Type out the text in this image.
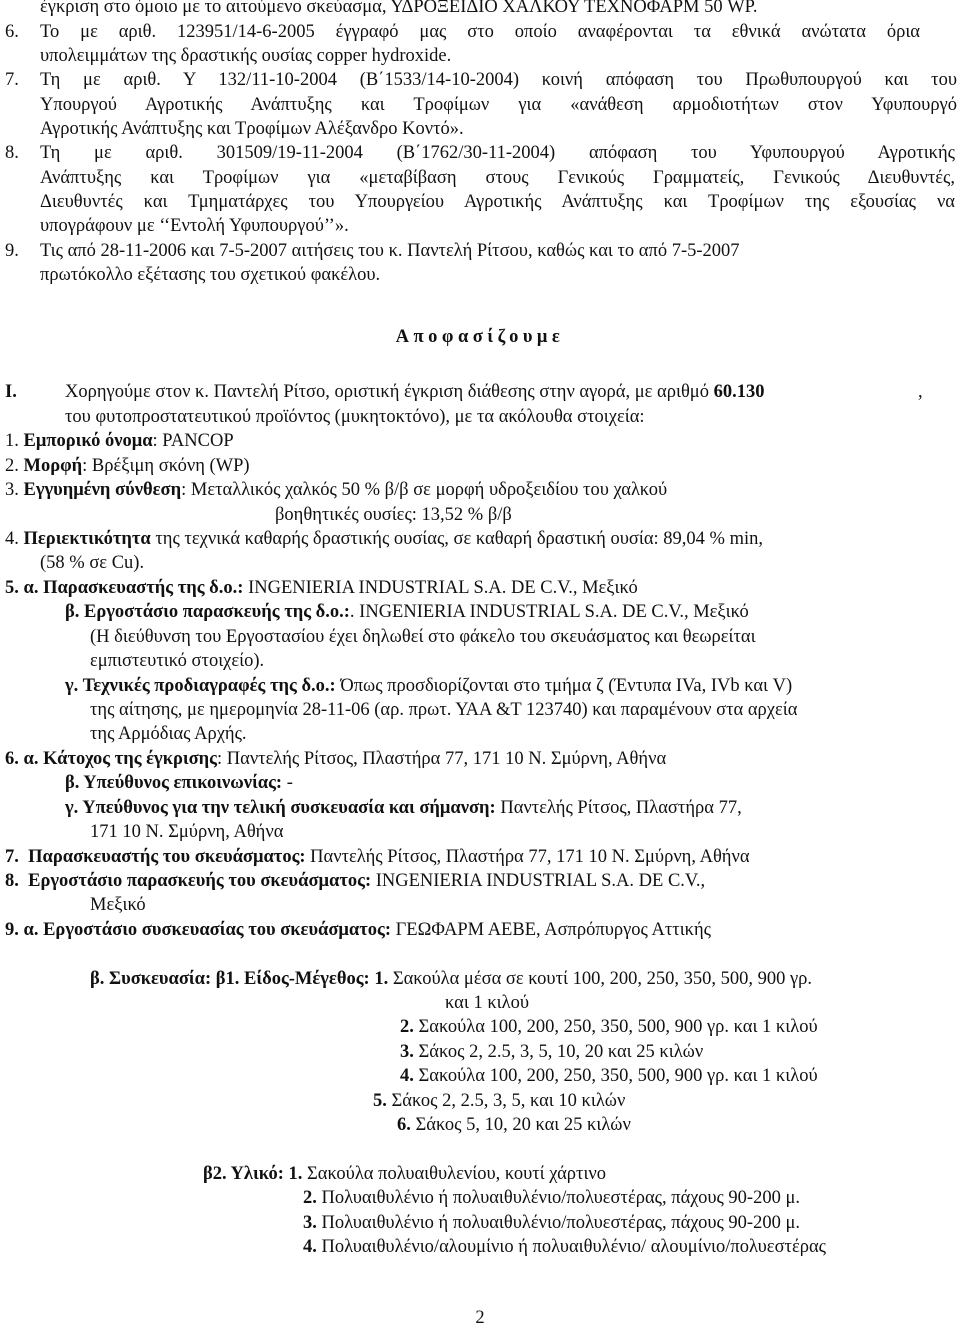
έγκριση στο όμοιο με το αιτούμενο σκεύασμα, ΥΔΡΟΞΕΙΔΙΟ ΧΑΛΚΟΥ ΤΕΧΝΟΦΑΡΜ 50 WP.
6. Το με αριθ. 123951/14-6-2005 έγγραφό μας στο οποίο αναφέρονται τα εθνικά ανώτατα όρια
υπολειμμάτων της δραστικής ουσίας copper hydroxide.
7. Τη με αριθ. Υ 132/11-10-2004 (Β΄1533/14-10-2004) κοινή απόφαση του Πρωθυπουργού και του
Υπουργού Αγροτικής Ανάπτυξης και Τροφίμων για «ανάθεση αρμοδιοτήτων στον Υφυπουργό
Αγροτικής Ανάπτυξης και Τροφίμων Αλέξανδρο Κοντό».
8. Τη με αριθ. 301509/19-11-2004 (Β΄1762/30-11-2004) απόφαση του Υφυπουργού Αγροτικής
Ανάπτυξης και Τροφίμων για «μεταβίβαση στους Γενικούς Γραμματείς, Γενικούς Διευθυντές,
Διευθυντές και Τμηματάρχες του Υπουργείου Αγροτικής Ανάπτυξης και Τροφίμων της εξουσίας να
υπογράφουν με ‘‘Εντολή Υφυπουργού’’».
9. Τις από 28-11-2006 και 7-5-2007 αιτήσεις του κ. Παντελή Ρίτσου, καθώς και το από 7-5-2007
πρωτόκολλο εξέτασης του σχετικού φακέλου.
Αποφασίζουμε
Ι.	Χορηγούμε στον κ. Παντελή Ρίτσο, οριστική έγκριση διάθεσης στην αγορά, με αριθμό 60.130	,
του φυτοπροστατευτικού προϊόντος (μυκητοκτόνο), με τα ακόλουθα στοιχεία:
1. Εμπορικό όνομα: PANCOP
2. Μορφή: Βρέξιμη σκόνη (WP)
3. Εγγυημένη σύνθεση: Μεταλλικός χαλκός 50 % β/β σε μορφή υδροξειδίου του χαλκού
βοηθητικές ουσίες: 13,52 % β/β
4. Περιεκτικότητα της τεχνικά καθαρής δραστικής ουσίας, σε καθαρή δραστική ουσία: 89,04 % min,
(58 % σε Cu).
5. α. Παρασκευαστής της δ.ο.: INGENIERIA INDUSTRIAL S.A. DE C.V., Μεξικό
β. Εργοστάσιο παρασκευής της δ.ο.:. INGENIERIA INDUSTRIAL S.A. DE C.V., Μεξικό
(Η διεύθυνση του Εργοστασίου έχει δηλωθεί στο φάκελο του σκευάσματος και θεωρείται
εμπιστευτικό στοιχείο).
γ. Τεχνικές προδιαγραφές της δ.ο.: Όπως προσδιορίζονται στο τμήμα ζ (Έντυπα IVa, IVb και V)
της αίτησης, με ημερομηνία 28-11-06 (αρ. πρωτ. ΥΑΑ &Τ 123740) και παραμένουν στα αρχεία
της Αρμόδιας Αρχής.
6. α. Κάτοχος της έγκρισης: Παντελής Ρίτσος, Πλαστήρα 77, 171 10 Ν. Σμύρνη, Αθήνα
β. Υπεύθυνος επικοινωνίας: -
γ. Υπεύθυνος για την τελική συσκευασία και σήμανση: Παντελής Ρίτσος, Πλαστήρα 77,
171 10 Ν. Σμύρνη, Αθήνα
7. Παρασκευαστής του σκευάσματος: Παντελής Ρίτσος, Πλαστήρα 77, 171 10 Ν. Σμύρνη, Αθήνα
8. Εργοστάσιο παρασκευής του σκευάσματος: INGENIERIA INDUSTRIAL S.A. DE C.V.,
Μεξικό
9. α. Εργοστάσιο συσκευασίας του σκευάσματος: ΓΕΩΦΑΡΜ ΑΕΒΕ, Ασπρόπυργος Αττικής
β. Συσκευασία: β1. Είδος-Μέγεθος: 1. Σακούλα μέσα σε κουτί 100, 200, 250, 350, 500, 900 γρ.
και 1 κιλού
2. Σακούλα 100, 200, 250, 350, 500, 900 γρ. και 1 κιλού
3. Σάκος 2, 2.5, 3, 5, 10, 20 και 25 κιλών
4. Σακούλα 100, 200, 250, 350, 500, 900 γρ. και 1 κιλού
5. Σάκος 2, 2.5, 3, 5, και 10 κιλών
6. Σάκος 5, 10, 20 και 25 κιλών
β2. Υλικό: 1. Σακούλα πολυαιθυλενίου, κουτί χάρτινο
2. Πολυαιθυλένιο ή πολυαιθυλένιο/πολυεστέρας, πάχους 90-200 μ.
3. Πολυαιθυλένιο ή πολυαιθυλένιο/πολυεστέρας, πάχους 90-200 μ.
4. Πολυαιθυλένιο/αλουμίνιο ή πολυαιθυλένιο/ αλουμίνιο/πολυεστέρας
2
